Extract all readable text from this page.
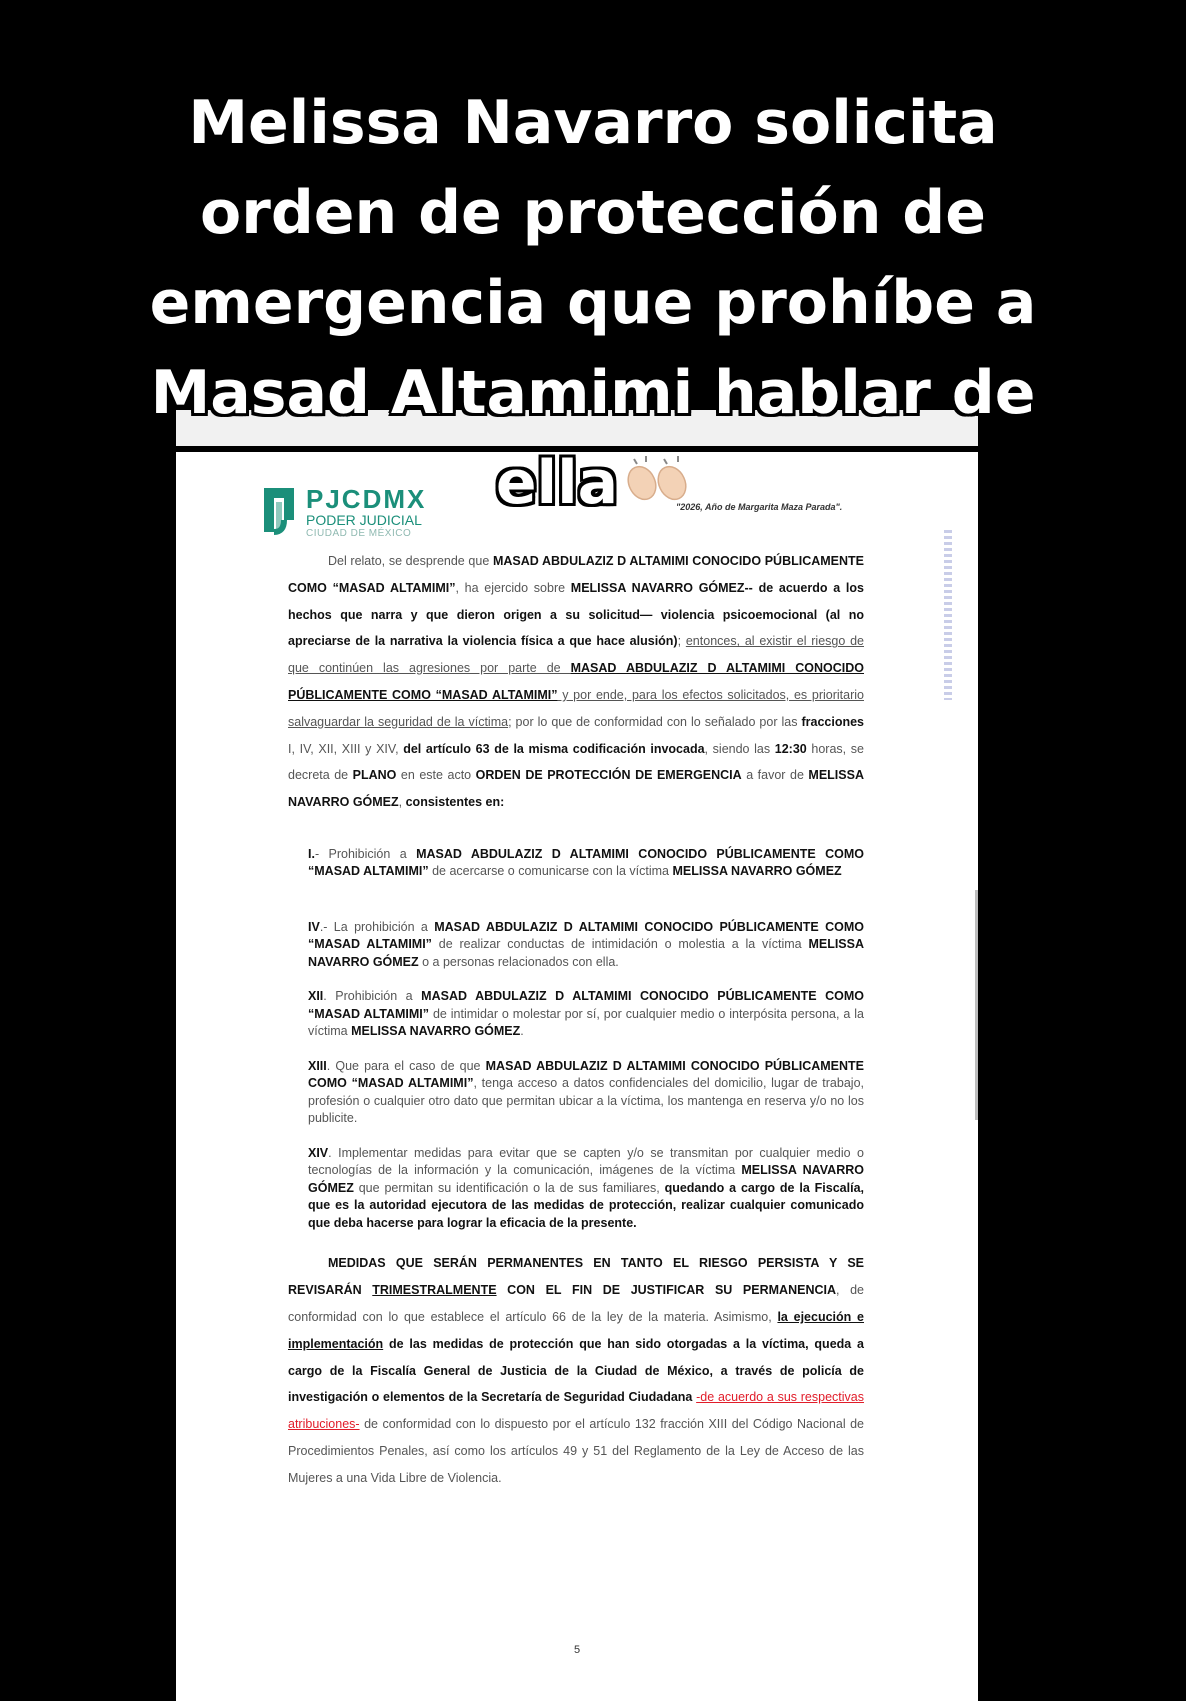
Melissa Navarro solicita
orden de protección de
emergencia que prohíbe a
Masad Altamimi hablar de
ella
PJCDMX
PODER JUDICIAL
CIUDAD DE MÉXICO
"2026, Año de Margarita Maza Parada".

Del relato, se desprende que MASAD ABDULAZIZ D ALTAMIMI CONOCIDO PÚBLICAMENTE COMO “MASAD ALTAMIMI”, ha ejercido sobre MELISSA NAVARRO GÓMEZ-- de acuerdo a los hechos que narra y que dieron origen a su solicitud— violencia psicoemocional (al no apreciarse de la narrativa la violencia física a que hace alusión); entonces, al existir el riesgo de que continúen las agresiones por parte de MASAD ABDULAZIZ D ALTAMIMI CONOCIDO PÚBLICAMENTE COMO “MASAD ALTAMIMI” y por ende, para los efectos solicitados, es prioritario salvaguardar la seguridad de la víctima; por lo que de conformidad con lo señalado por las fracciones I, IV, XII, XIII y XIV, del artículo 63 de la misma codificación invocada, siendo las 12:30 horas, se decreta de PLANO en este acto ORDEN DE PROTECCIÓN DE EMERGENCIA a favor de MELISSA NAVARRO GÓMEZ, consistentes en:

I.- Prohibición a MASAD ABDULAZIZ D ALTAMIMI CONOCIDO PÚBLICAMENTE COMO “MASAD ALTAMIMI” de acercarse o comunicarse con la víctima MELISSA NAVARRO GÓMEZ

IV.- La prohibición a MASAD ABDULAZIZ D ALTAMIMI CONOCIDO PÚBLICAMENTE COMO “MASAD ALTAMIMI” de realizar conductas de intimidación o molestia a la víctima MELISSA NAVARRO GÓMEZ o a personas relacionados con ella.

XII. Prohibición a MASAD ABDULAZIZ D ALTAMIMI CONOCIDO PÚBLICAMENTE COMO “MASAD ALTAMIMI” de intimidar o molestar por sí, por cualquier medio o interpósita persona, a la víctima MELISSA NAVARRO GÓMEZ.

XIII. Que para el caso de que MASAD ABDULAZIZ D ALTAMIMI CONOCIDO PÚBLICAMENTE COMO “MASAD ALTAMIMI”, tenga acceso a datos confidenciales del domicilio, lugar de trabajo, profesión o cualquier otro dato que permitan ubicar a la víctima, los mantenga en reserva y/o no los publicite.

XIV. Implementar medidas para evitar que se capten y/o se transmitan por cualquier medio o tecnologías de la información y la comunicación, imágenes de la víctima MELISSA NAVARRO GÓMEZ que permitan su identificación o la de sus familiares, quedando a cargo de la Fiscalía, que es la autoridad ejecutora de las medidas de protección, realizar cualquier comunicado que deba hacerse para lograr la eficacia de la presente.

MEDIDAS QUE SERÁN PERMANENTES EN TANTO EL RIESGO PERSISTA Y SE REVISARÁN TRIMESTRALMENTE CON EL FIN DE JUSTIFICAR SU PERMANENCIA, de conformidad con lo que establece el artículo 66 de la ley de la materia. Asimismo, la ejecución e implementación de las medidas de protección que han sido otorgadas a la víctima, queda a cargo de la Fiscalía General de Justicia de la Ciudad de México, a través de policía de investigación o elementos de la Secretaría de Seguridad Ciudadana -de acuerdo a sus respectivas atribuciones- de conformidad con lo dispuesto por el artículo 132 fracción XIII del Código Nacional de Procedimientos Penales, así como los artículos 49 y 51 del Reglamento de la Ley de Acceso de las Mujeres a una Vida Libre de Violencia.

5
